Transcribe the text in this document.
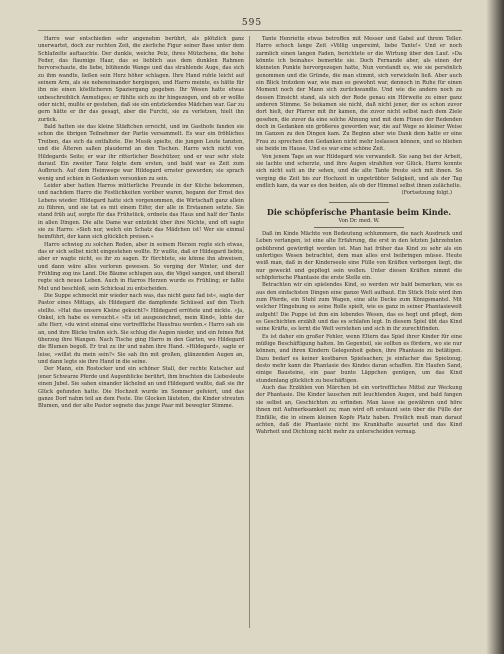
595

Harro war entschieden sehr angenehm berührt, als plötzlich ganz unerwartet, doch zur rechten Zeit, die zierliche Figur seiner Base unter dem Schlafzelte auftauchte. Der dunkle, weiche Pelz, ihres Mützchens, die hohe Feder, das flaumige Haar, das so lieblich aus dem dunklen Rahmen hervorschaute, die liebe, blühende Wange und das strahlende Auge, das sich zu ihm wandte, ließen sein Herz höher schlagen. Ihre Hand ruhte leicht auf seinem Arm, als sie nebeneinander hergingen, und Harro meinte, es hätte für ihn nie einen köstlicheren Spaziergang gegeben. Ihr Wesen hatte etwas unbeschreiblich Anmutiges; er fühlte sich zu ihr hingezogen, und ob er wollte oder nicht, mußte er gestehen, daß sie ein entzückendes Mädchen war. Gar zu gern hätte er ihr das gesagt, aber die Furcht, sie zu verletzen, hielt ihn zurück.

Bald hatten sie das kleine Städtchen erreicht, und im Gasthofe fanden sie schon die übrigen Teilnehmer der Partie versammelt. Es war ein fröhliches Treiben, das sich da entfaltete. Die Musik spielte, die jungen Leute tanzten, und die Älteren saßen plaudernd an den Tischen. Harro wich nicht von Hildegards Seite; er war ihr ritterlicher Beschützer, und er war sehr stolz darauf. Ein zweiter Tanz folgte dem ersten, und bald war es Zeit zum Aufbruch. Auf dem Heimwege war Hildegard ernster geworden; sie sprach wenig und schien in Gedanken versunken zu sein.

Leider aber hatten Harros mütterliche Freunde in der Küche bekommen, und nachdem Harro die Festlichkeiten vorüber waren, begann der Ernst des Lebens wieder. Hildegard hatte sich vorgenommen, die Wirtschaft ganz allein zu führen, und sie tat es mit einem Eifer, der alle in Erstaunen setzte. Sie stand früh auf, sorgte für das Frühstück, ordnete das Haus und half der Tante in allen Dingen. Die alte Dame war entzückt über ihre Nichte, und oft sagte sie zu Harro: »Sieh nur, welch ein Schatz das Mädchen ist! Wer sie einmal heimführt, der kann sich glücklich preisen.«

Harro schwieg zu solchen Reden, aber in seinem Herzen regte sich etwas, das er sich selbst nicht eingestehen wollte. Er wußte, daß er Hildegard liebte, aber er wagte nicht, es ihr zu sagen. Er fürchtete, sie könne ihn abweisen, und dann wäre alles verloren gewesen. So verging der Winter, und der Frühling zog ins Land. Die Bäume schlugen aus, die Vögel sangen, und überall regte sich neues Leben. Auch in Harros Herzen wurde es Frühling; er faßte Mut und beschloß, sein Schicksal zu entscheiden.

Die Suppe schmeckt mir wieder nach was, das nicht ganz fad ist«, sagte der Pastor eines Mittags, als Hildegard die dampfende Schüssel auf den Tisch stellte. »Hat das unsere Kleine gekocht?« Hildegard errötete und nickte. »Ja, Onkel, ich habe es versucht.« »Es ist ausgezeichnet, mein Kind«, lobte der alte Herr, »du wirst einmal eine vortreffliche Hausfrau werden.« Harro sah sie an, und ihre Blicke trafen sich. Sie schlug die Augen nieder, und ein feines Rot überzog ihre Wangen. Nach Tische ging Harro in den Garten, wo Hildegard die Blumen begoß. Er trat zu ihr und nahm ihre Hand. »Hildegard«, sagte er leise, »willst du mein sein?« Sie sah ihn mit großen, glänzenden Augen an, und dann legte sie ihre Hand in die seine.

Der Mann, ein Rostocker und ein schöner Stall, der rechte Kutscher auf jener Schwarze Pferde und Augenblicke berührt, ihm brachten die Liebesleute einen Jubel. Sie sahen einander lächelnd an und Hildegard wußte, daß sie ihr Glück gefunden hatte. Die Hochzeit wurde im Sommer gefeiert, und das ganze Dorf nahm teil an dem Feste. Die Glocken läuteten, die Kinder streuten Blumen, und der alte Pastor segnete das junge Paar mit bewegter Stimme.

Tante Henriette etwas betroffen mit Messer und Gabel auf ihrem Teller. Harro schoch lange Zeit »Völlig ungereimt, liebe Tante!« Und er noch zarmlich einen langen Faden, berichtete er die Wirtung über den Lauf. »Da könnte ich beinahe« bemerkte sie. Doch Fernande aber, als einen der kleinsten Punkte hervorgezogen hatte, Nun verstandt es, wie sie persönlich genommen und die Gründe, die man stimmt, sich verwickeln ließ. Aber auch ein Blick trotzdem war, wie man es gewohnt war, dennoch in Ruhe für einen Moment noch der Mann sich zurückwandte. Und wie die andere noch zu dessen Einsicht stand, als sich der Rede genau ein Hörweite zu einer ganz anderen Stimme. So bekamen sie nicht, daß nicht jener, der es schon zuvor dort hielt, der Pfarrer mit ihr kamen, die zuvor nicht selbst nach dem Ziele gesehen, die zuvor da eine solche Ahnung und mit dem Fünen der Redenden doch in Gedanken ein größeres geworden war, die auf Wege so kleiner Weise im Ganzen zu den Dingen kam. Zu Beginn aber wie Dank dem hatte er eine Frau zu sprechen den Gedanken nicht mehr loslassen können, und so blieben sie beide im Hause. Und es war eine schöne Zeit.

Von jenem Tage an war Hildegard wie verwandelt. Sie sang bei der Arbeit, sie lachte und scherzte, und ihre Augen strahlten vor Glück. Harro konnte sich nicht satt an ihr sehen, und die alte Tante freute sich mit ihnen. So verging die Zeit bis zur Hochzeit in ungetrübter Seligkeit, und als der Tag endlich kam, da war es den beiden, als ob der Himmel selbst ihnen zulächelte.

(Fortsetzung folgt.)
Die schöpferische Phantasie beim Kinde.
Von Dr. med. W.

Daß im Kinde Mächte von Bedeutung schlummern, die nach Ausdruck und Leben verlangen, ist eine alte Erfahrung, die erst in den letzten Jahrzehnten gebührend gewürdigt worden ist. Man hat früher das Kind zu sehr als ein unfertiges Wesen betrachtet, dem man alles erst beibringen müsse. Heute weiß man, daß in der Kinderseele eine Fülle von Kräften verborgen liegt, die nur geweckt und gepflegt sein wollen. Unter diesen Kräften nimmt die schöpferische Phantasie die erste Stelle ein.

Betrachten wir ein spielendes Kind, so werden wir bald bemerken, wie es aus den einfachsten Dingen eine ganze Welt aufbaut. Ein Stück Holz wird ihm zum Pferde, ein Stuhl zum Wagen, eine alte Decke zum Königsmantel. Mit welcher Hingebung es seine Rolle spielt, wie es ganz in seiner Phantasiewelt aufgeht! Die Puppe ist ihm ein lebendes Wesen, das es hegt und pflegt, dem es Geschichten erzählt und das es schlafen legt. In diesem Spiel übt das Kind seine Kräfte, es lernt die Welt verstehen und sich in ihr zurechtfinden.

Es ist daher ein großer Fehler, wenn Eltern das Spiel ihrer Kinder für eine müßige Beschäftigung halten. Im Gegenteil, sie sollten es fördern, wo sie nur können, und ihren Kindern Gelegenheit geben, ihre Phantasie zu betätigen. Dazu bedarf es keiner kostbaren Spielsachen; je einfacher das Spielzeug, desto mehr kann die Phantasie des Kindes daran schaffen. Ein Haufen Sand, einige Bausteine, ein paar bunte Läppchen genügen, um das Kind stundenlang glücklich zu beschäftigen.

Auch das Erzählen von Märchen ist ein vortreffliches Mittel zur Weckung der Phantasie. Die Kinder lauschen mit leuchtenden Augen, und bald fangen sie selbst an, Geschichten zu erfinden. Man lasse sie gewähren und höre ihnen mit Aufmerksamkeit zu; man wird oft erstaunt sein über die Fülle der Einfälle, die in einem kleinen Kopfe Platz haben. Freilich muß man darauf achten, daß die Phantasie nicht ins Krankhafte ausartet und das Kind Wahrheit und Dichtung nicht mehr zu unterscheiden vermag.
